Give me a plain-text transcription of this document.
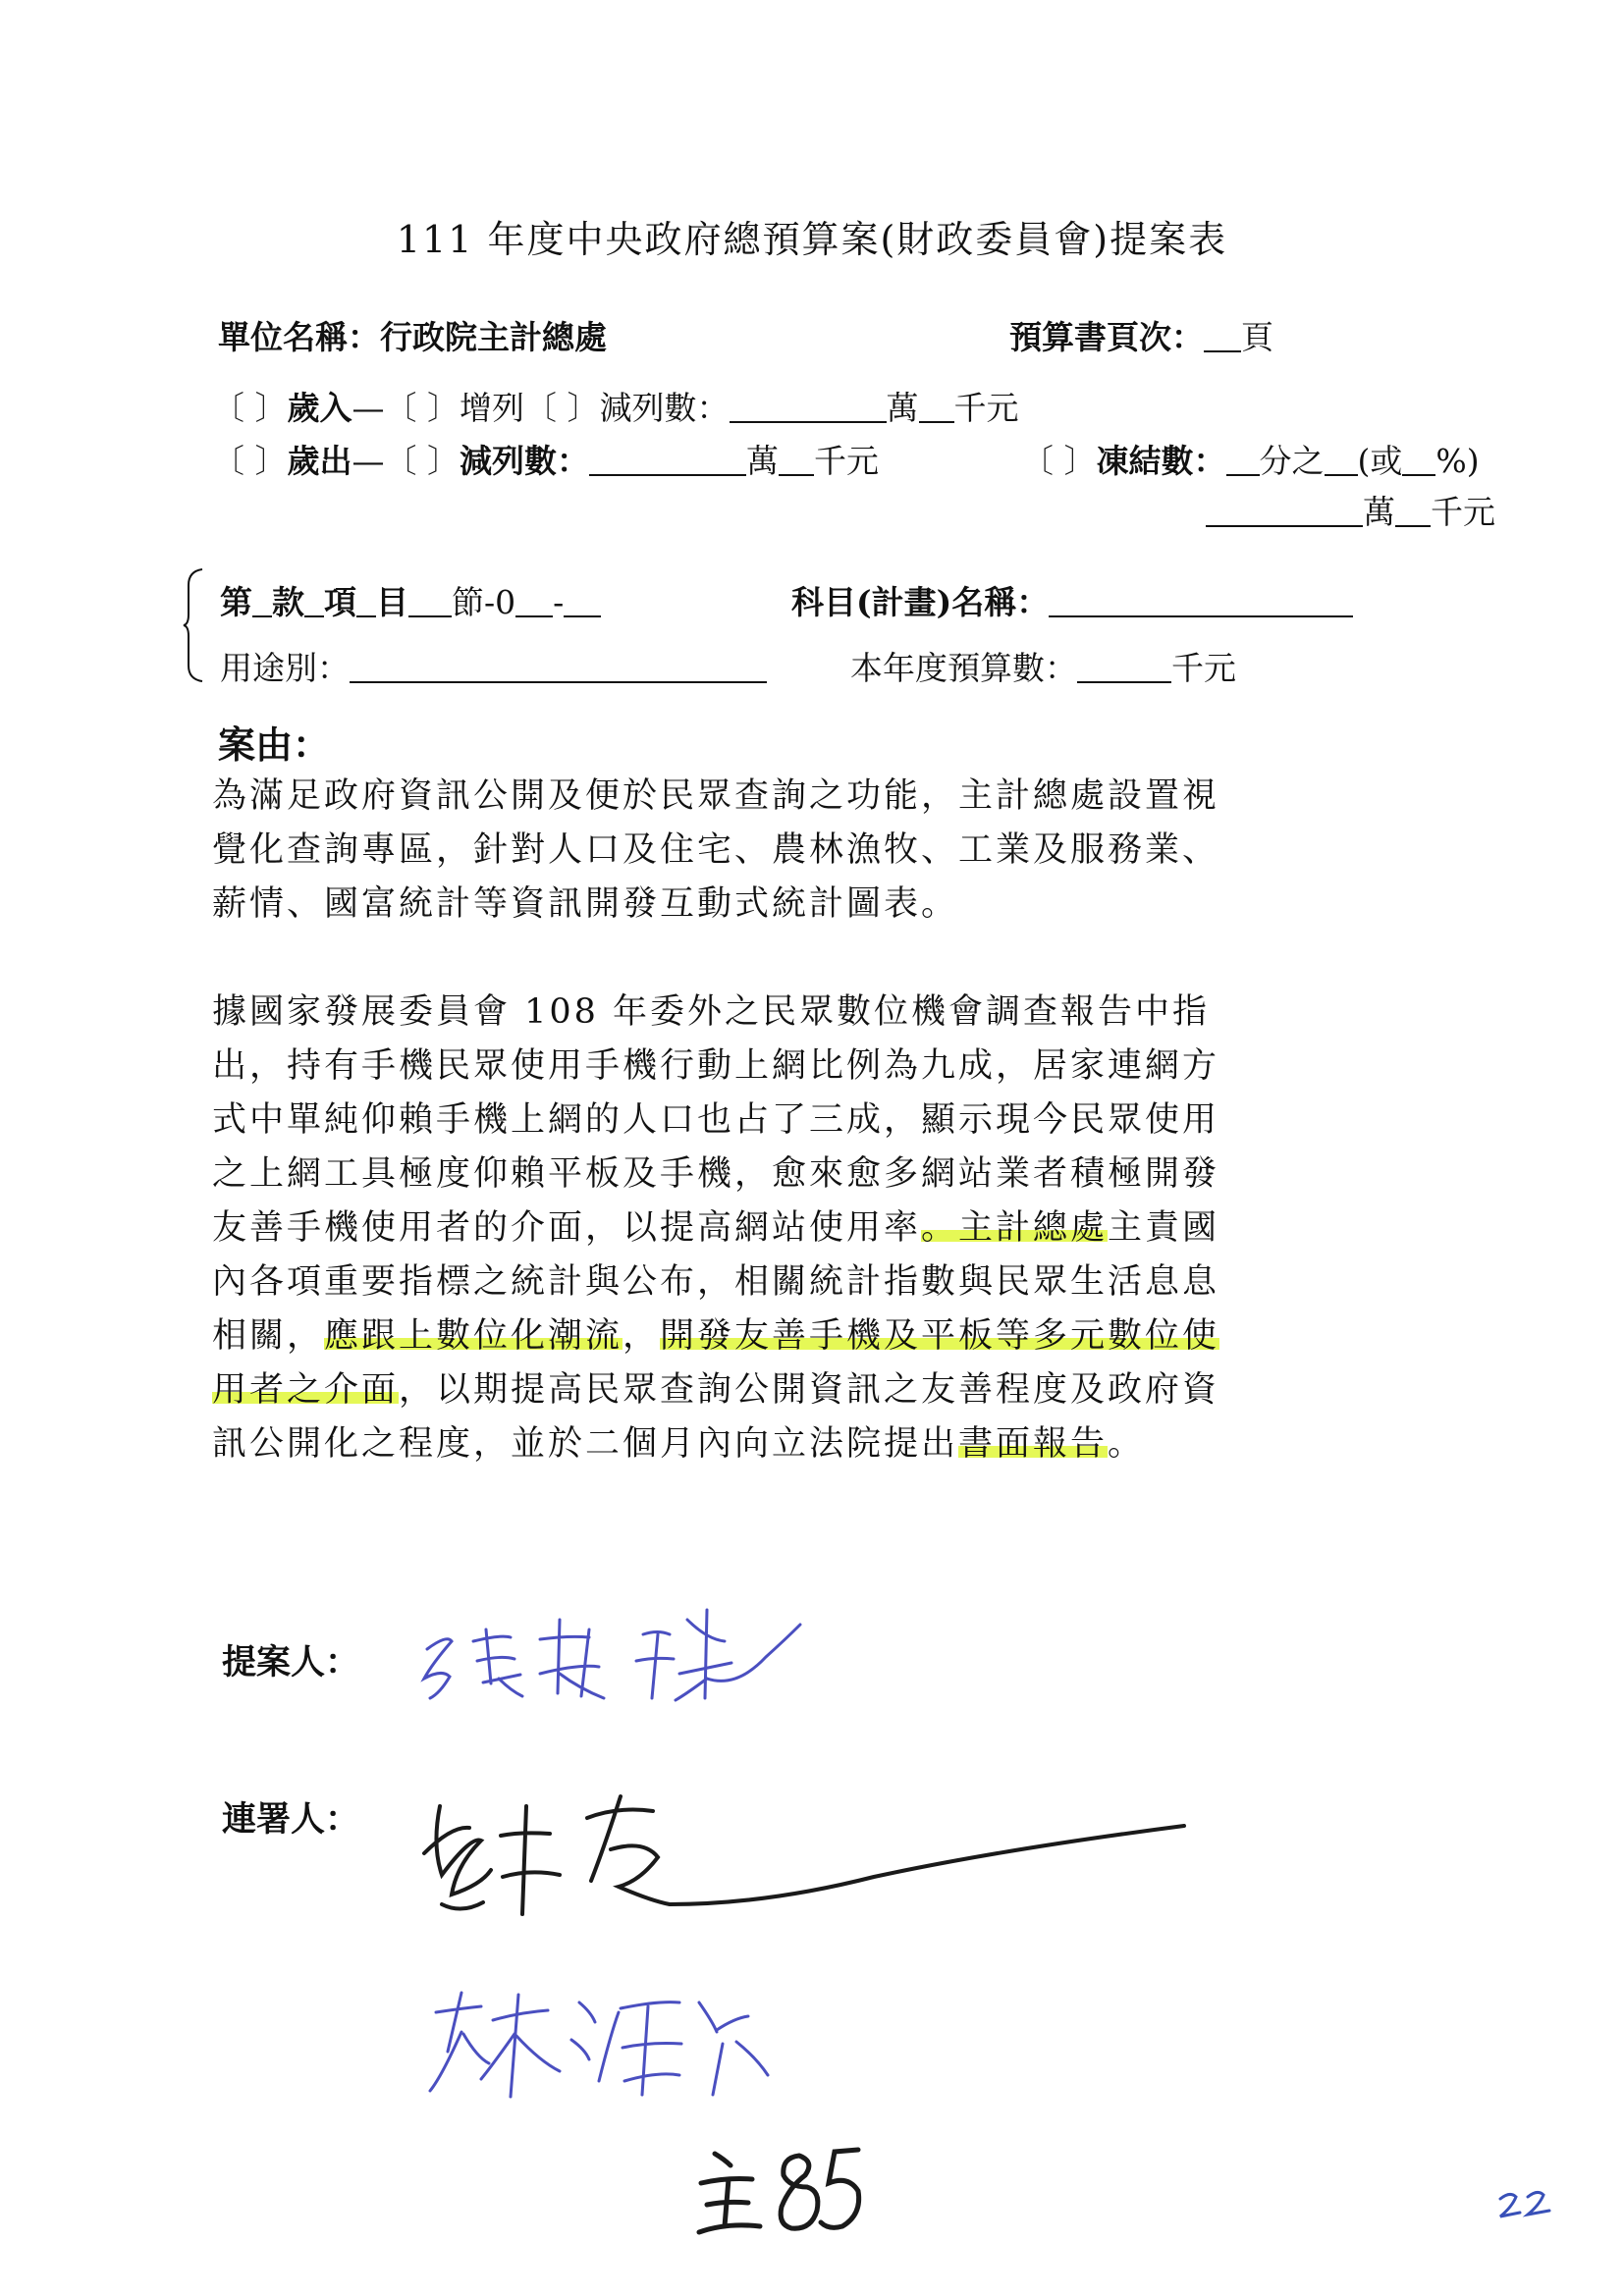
111 年度中央政府總預算案(財政委員會)提案表
單位名稱：行政院主計總處	預算書頁次： 頁
〔 〕歲入—〔 〕增列〔 〕減列數：	萬 千元
〔 〕歲出—〔 〕減列數：	萬 千元	〔 〕凍結數： 分之 (或 %)
萬 千元
第 款 項 目 節-0 -	科目(計畫)名稱：
用途別：	本年度預算數：	千元
案由：
為滿足政府資訊公開及便於民眾查詢之功能，主計總處設置視
覺化查詢專區，針對人口及住宅、農林漁牧、工業及服務業、
薪情、國富統計等資訊開發互動式統計圖表。
據國家發展委員會 108 年委外之民眾數位機會調查報告中指
出，持有手機民眾使用手機行動上網比例為九成，居家連網方
式中單純仰賴手機上網的人口也占了三成，顯示現今民眾使用
之上網工具極度仰賴平板及手機，愈來愈多網站業者積極開發
友善手機使用者的介面，以提高網站使用率。主計總處主責國
內各項重要指標之統計與公布，相關統計指數與民眾生活息息
相關，應跟上數位化潮流，開發友善手機及平板等多元數位使
用者之介面，以期提高民眾查詢公開資訊之友善程度及政府資
訊公開化之程度，並於二個月內向立法院提出書面報告。
提案人：
連署人：
